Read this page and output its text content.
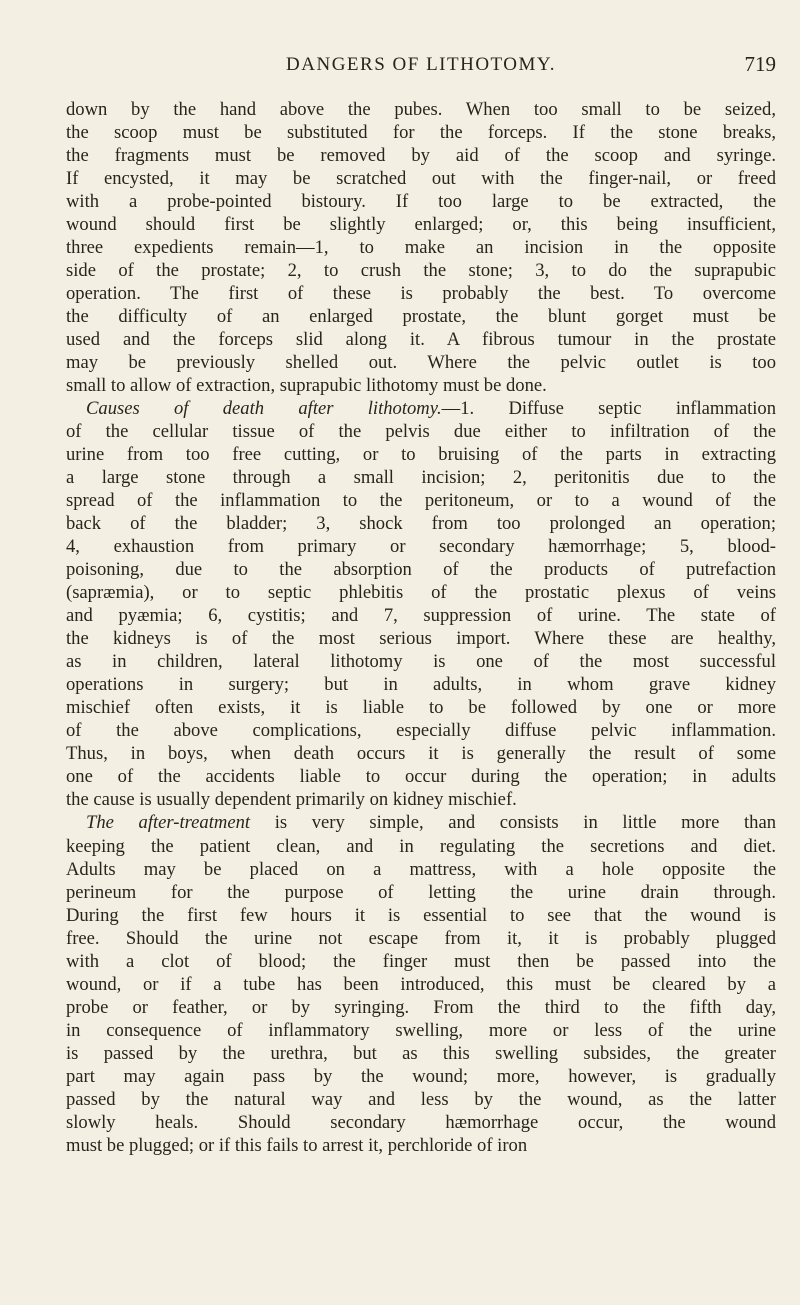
DANGERS OF LITHOTOMY.	719
down by the hand above the pubes. When too small to be seized,
the scoop must be substituted for the forceps. If the stone breaks,
the fragments must be removed by aid of the scoop and syringe.
If encysted, it may be scratched out with the finger-nail, or freed
with a probe-pointed bistoury. If too large to be extracted, the
wound should first be slightly enlarged; or, this being insufficient,
three expedients remain—1, to make an incision in the opposite
side of the prostate; 2, to crush the stone; 3, to do the suprapubic
operation. The first of these is probably the best. To overcome
the difficulty of an enlarged prostate, the blunt gorget must be
used and the forceps slid along it. A fibrous tumour in the prostate
may be previously shelled out. Where the pelvic outlet is too
small to allow of extraction, suprapubic lithotomy must be done.
Causes of death after lithotomy.—1. Diffuse septic inflammation
of the cellular tissue of the pelvis due either to infiltration of the
urine from too free cutting, or to bruising of the parts in extracting
a large stone through a small incision; 2, peritonitis due to the
spread of the inflammation to the peritoneum, or to a wound of the
back of the bladder; 3, shock from too prolonged an operation;
4, exhaustion from primary or secondary hæmorrhage; 5, blood-
poisoning, due to the absorption of the products of putrefaction
(sapræmia), or to septic phlebitis of the prostatic plexus of veins
and pyæmia; 6, cystitis; and 7, suppression of urine. The state of
the kidneys is of the most serious import. Where these are healthy,
as in children, lateral lithotomy is one of the most successful
operations in surgery; but in adults, in whom grave kidney
mischief often exists, it is liable to be followed by one or more
of the above complications, especially diffuse pelvic inflammation.
Thus, in boys, when death occurs it is generally the result of some
one of the accidents liable to occur during the operation; in adults
the cause is usually dependent primarily on kidney mischief.
The after-treatment is very simple, and consists in little more than
keeping the patient clean, and in regulating the secretions and diet.
Adults may be placed on a mattress, with a hole opposite the
perineum for the purpose of letting the urine drain through.
During the first few hours it is essential to see that the wound is
free. Should the urine not escape from it, it is probably plugged
with a clot of blood; the finger must then be passed into the
wound, or if a tube has been introduced, this must be cleared by a
probe or feather, or by syringing. From the third to the fifth day,
in consequence of inflammatory swelling, more or less of the urine
is passed by the urethra, but as this swelling subsides, the greater
part may again pass by the wound; more, however, is gradually
passed by the natural way and less by the wound, as the latter
slowly heals. Should secondary hæmorrhage occur, the wound
must be plugged; or if this fails to arrest it, perchloride of iron
